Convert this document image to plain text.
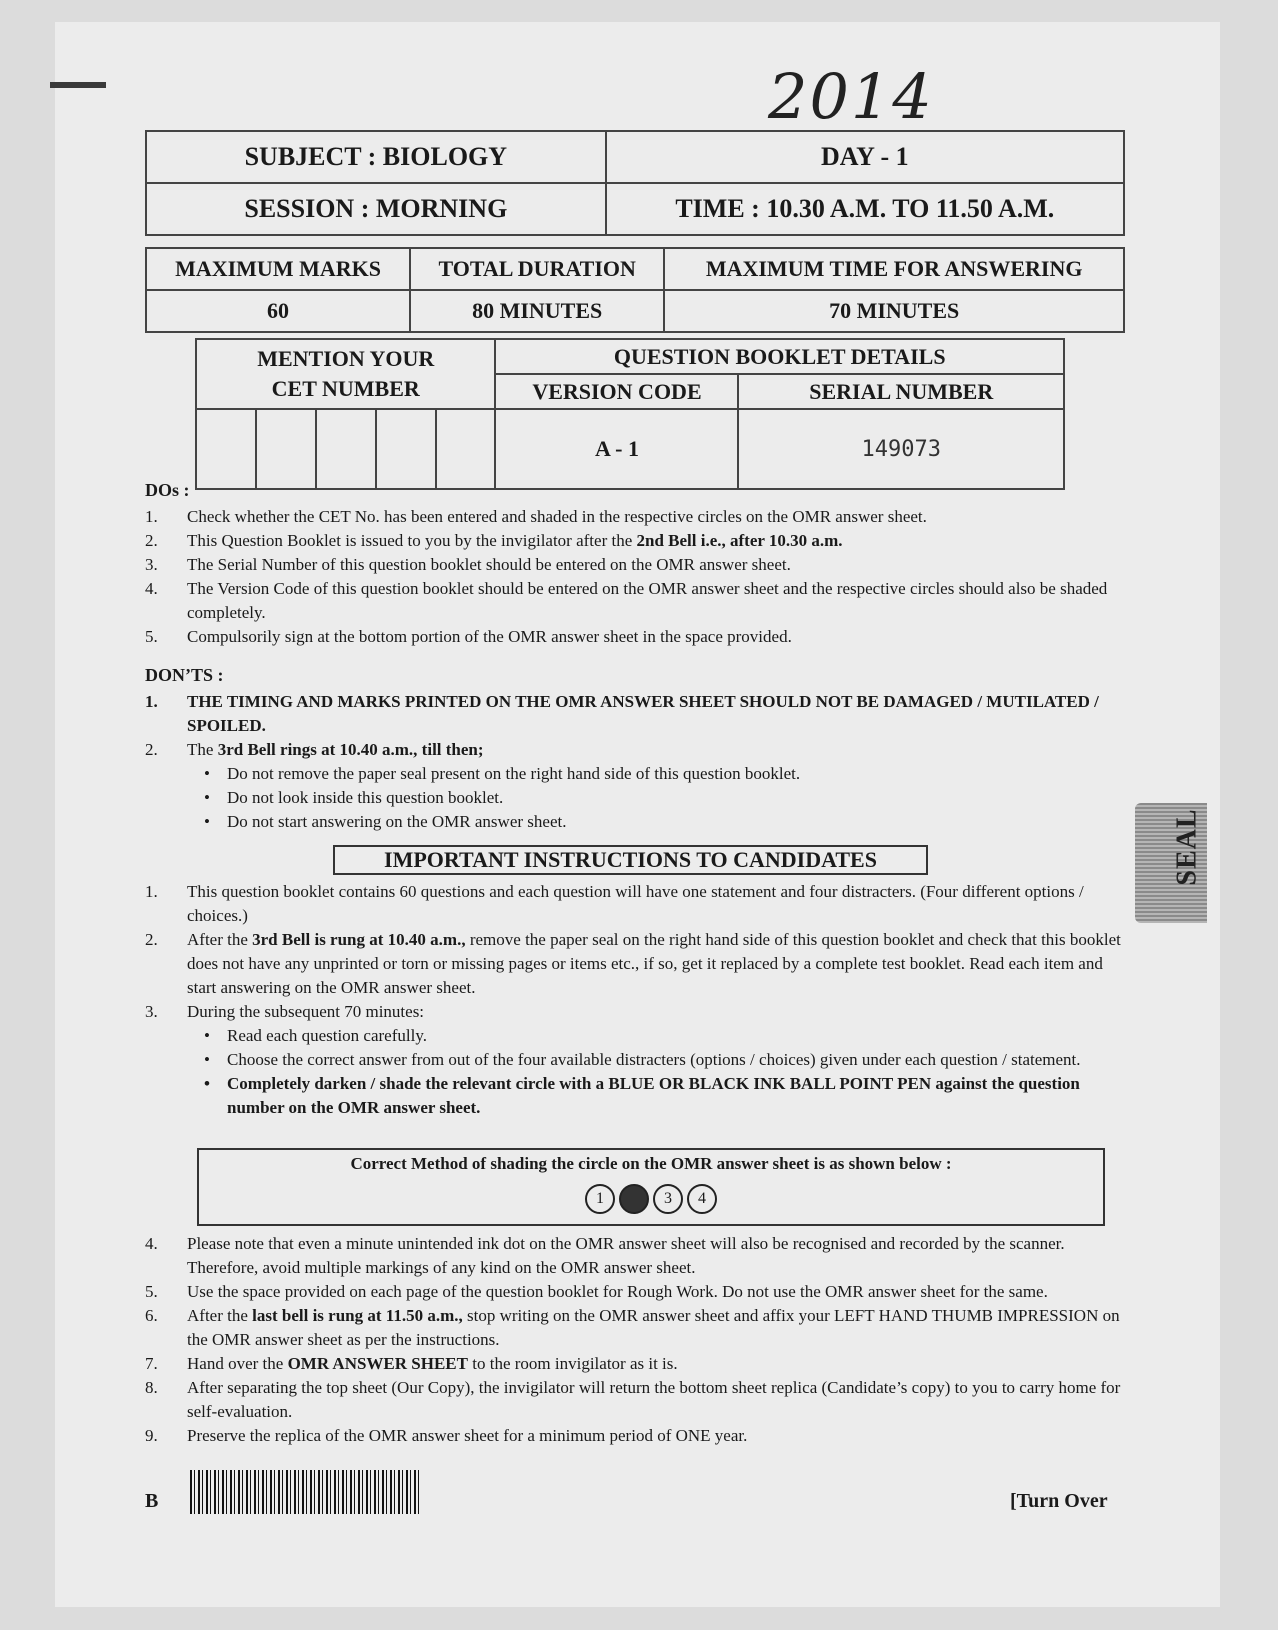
2014
SUBJECT : BIOLOGY	DAY - 1
SESSION : MORNING	TIME : 10.30 A.M. TO 11.50 A.M.
MAXIMUM MARKS	TOTAL DURATION	MAXIMUM TIME FOR ANSWERING
60	80 MINUTES	70 MINUTES
MENTION YOUR
CET NUMBER					QUESTION BOOKLET DETAILS	
					VERSION CODE	SERIAL NUMBER
					A - 1	149073
DOs :
1.	Check whether the CET No. has been entered and shaded in the respective circles on the OMR answer sheet.
2.	This Question Booklet is issued to you by the invigilator after the 2nd Bell i.e., after 10.30 a.m.
3.	The Serial Number of this question booklet should be entered on the OMR answer sheet.
4.	The Version Code of this question booklet should be entered on the OMR answer sheet and the respective circles should also be shaded completely.
5.	Compulsorily sign at the bottom portion of the OMR answer sheet in the space provided.
DON’TS :
1.	THE TIMING AND MARKS PRINTED ON THE OMR ANSWER SHEET SHOULD NOT BE DAMAGED / MUTILATED / SPOILED.
2.	The 3rd Bell rings at 10.40 a.m., till then;
•	Do not remove the paper seal present on the right hand side of this question booklet.
•	Do not look inside this question booklet.
•	Do not start answering on the OMR answer sheet.
IMPORTANT INSTRUCTIONS TO CANDIDATES
1.	This question booklet contains 60 questions and each question will have one statement and four distracters. (Four different options / choices.)
2.	After the 3rd Bell is rung at 10.40 a.m., remove the paper seal on the right hand side of this question booklet and check that this booklet does not have any unprinted or torn or missing pages or items etc., if so, get it replaced by a complete test booklet. Read each item and start answering on the OMR answer sheet.
3.	During the subsequent 70 minutes:
•	Read each question carefully.
•	Choose the correct answer from out of the four available distracters (options / choices) given under each question / statement.
•	Completely darken / shade the relevant circle with a BLUE OR BLACK INK BALL POINT PEN against the question number on the OMR answer sheet.
Correct Method of shading the circle on the OMR answer sheet is as shown below :
1	3	4
4.	Please note that even a minute unintended ink dot on the OMR answer sheet will also be recognised and recorded by the scanner. Therefore, avoid multiple markings of any kind on the OMR answer sheet.
5.	Use the space provided on each page of the question booklet for Rough Work. Do not use the OMR answer sheet for the same.
6.	After the last bell is rung at 11.50 a.m., stop writing on the OMR answer sheet and affix your LEFT HAND THUMB IMPRESSION on the OMR answer sheet as per the instructions.
7.	Hand over the OMR ANSWER SHEET to the room invigilator as it is.
8.	After separating the top sheet (Our Copy), the invigilator will return the bottom sheet replica (Candidate’s copy) to you to carry home for self-evaluation.
9.	Preserve the replica of the OMR answer sheet for a minimum period of ONE year.
SEAL
B	[Turn Over
